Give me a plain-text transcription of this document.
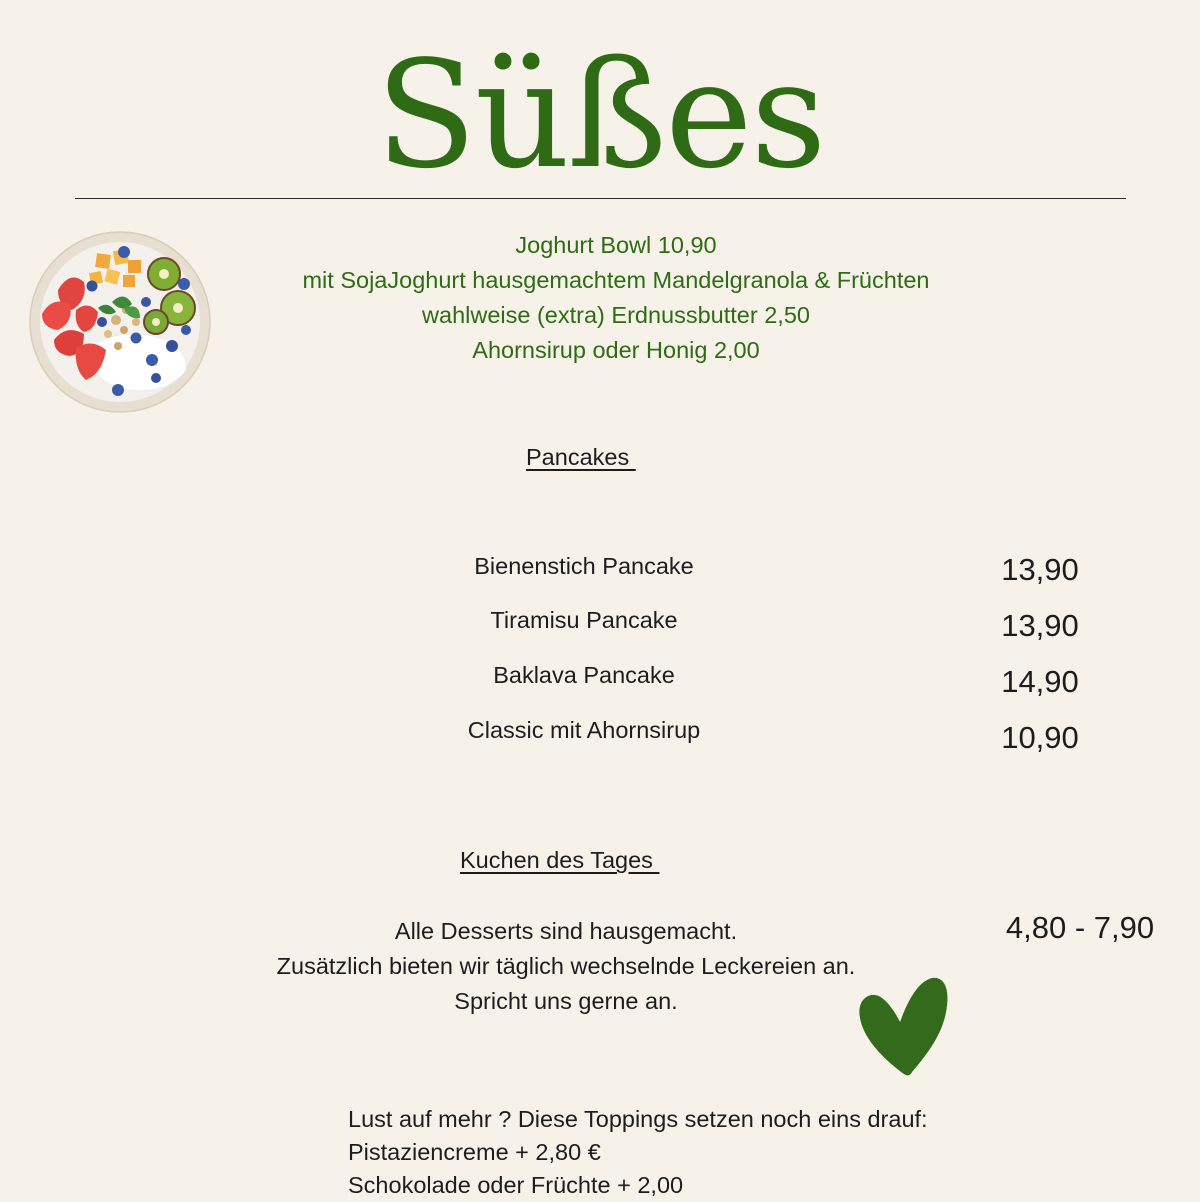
Süßes
Joghurt Bowl 10,90
mit SojaJoghurt hausgemachtem Mandelgranola & Früchten
wahlweise (extra) Erdnussbutter 2,50
Ahornsirup oder Honig 2,00
Pancakes
Bienenstich Pancake	13,90
Tiramisu Pancake	13,90
Baklava Pancake	14,90
Classic mit Ahornsirup	10,90
Kuchen des Tages
Alle Desserts sind hausgemacht.
Zusätzlich bieten wir täglich wechselnde Leckereien an.
Spricht uns gerne an.
4,80 - 7,90
Lust auf mehr ? Diese Toppings setzen noch eins drauf:
Pistaziencreme + 2,80 €
Schokolade oder Früchte + 2,00
